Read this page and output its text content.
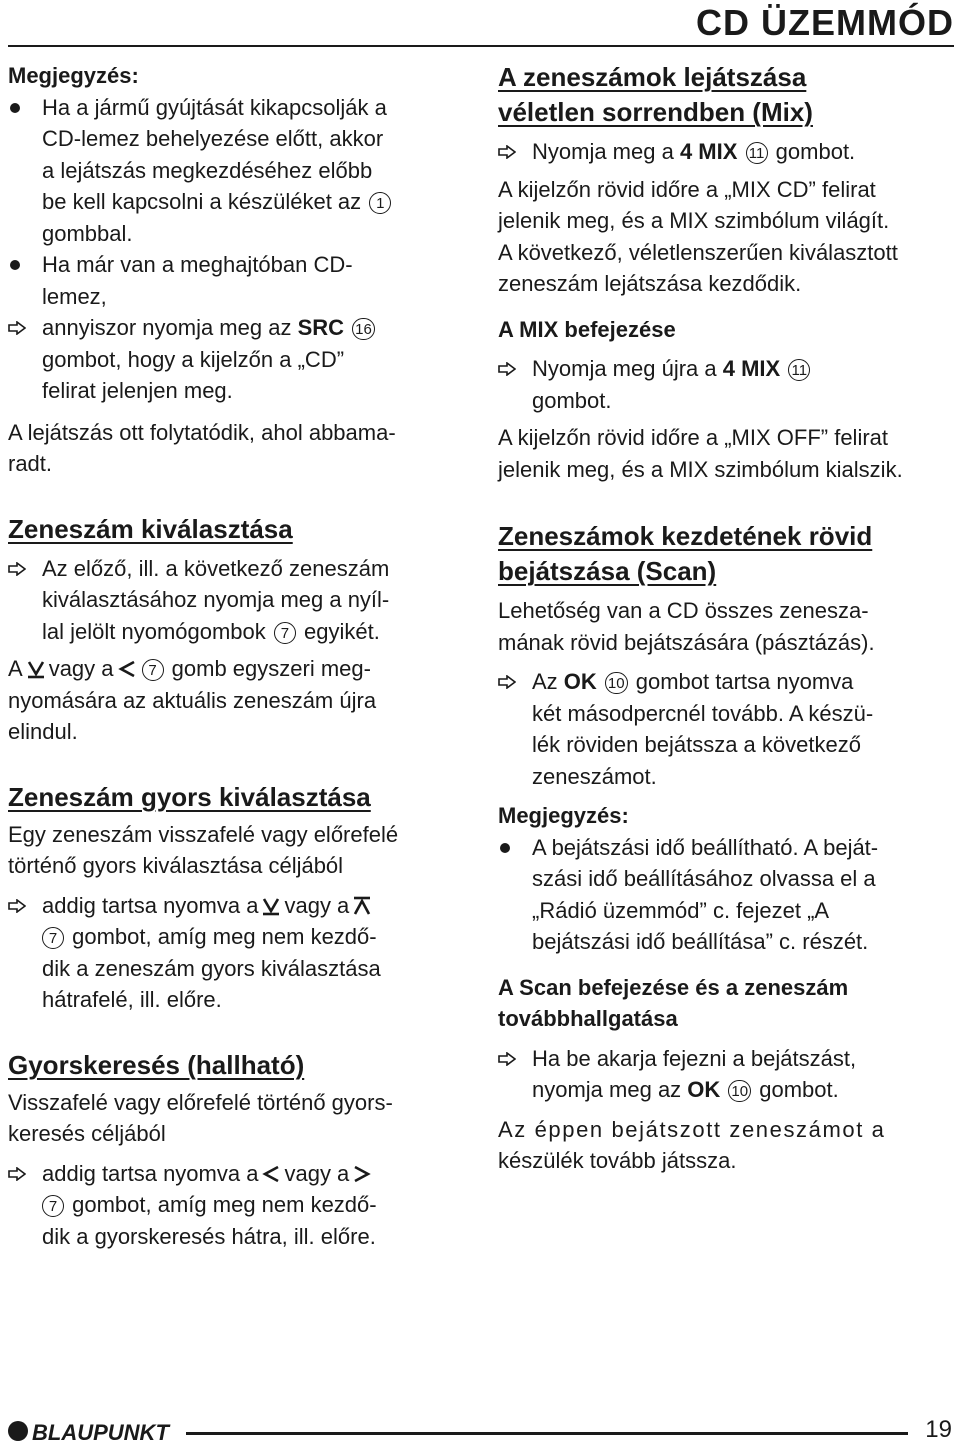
CD ÜZEMMÓD

Megjegyzés:

Ha a jármű gyújtását kikapcsolják a

CD-lemez behelyezése előtt, akkor

a lejátszás megkezdéséhez előbb

be kell kapcsolni a készüléket az 1

gombbal.

Ha már van a meghajtóban CD-

lemez,

annyiszor nyomja meg az SRC 16

gombot, hogy a kijelzőn a „CD”

felirat jelenjen meg.

A lejátszás ott folytatódik, ahol abbama-

radt.

Zeneszám kiválasztása

Az előző, ill. a következő zeneszám

kiválasztásához nyomja meg a nyíl-

lal jelölt nyomógombok 7 egyikét.

A vagy a 7 gomb egyszeri meg-

nyomására az aktuális zeneszám újra

elindul.

Zeneszám gyors kiválasztása

Egy zeneszám visszafelé vagy előrefelé

történő gyors kiválasztása céljából

addig tartsa nyomva a vagy a

7 gombot, amíg meg nem kezdő-

dik a zeneszám gyors kiválasztása

hátrafelé, ill. előre.

Gyorskeresés (hallható)

Visszafelé vagy előrefelé történő gyors-

keresés céljából

addig tartsa nyomva a vagy a

7 gombot, amíg meg nem kezdő-

dik a gyorskeresés hátra, ill. előre.

A zeneszámok lejátszása

véletlen sorrendben (Mix)

Nyomja meg a 4 MIX 11 gombot.

A kijelzőn rövid időre a „MIX CD” felirat

jelenik meg, és a MIX szimbólum világít.

A következő, véletlenszerűen kiválasztott

zeneszám lejátszása kezdődik.

A MIX befejezése

Nyomja meg újra a 4 MIX 11

gombot.

A kijelzőn rövid időre a „MIX OFF” felirat

jelenik meg, és a MIX szimbólum kialszik.

Zeneszámok kezdetének rövid

bejátszása (Scan)

Lehetőség van a CD összes zenesza-

mának rövid bejátszására (pásztázás).

Az OK 10 gombot tartsa nyomva

két másodpercnél tovább. A készü-

lék röviden bejátssza a következő

zeneszámot.

Megjegyzés:

A bejátszási idő beállítható. A beját-

szási idő beállításához olvassa el a

„Rádió üzemmód” c. fejezet „A

bejátszási idő beállítása” c. részét.

A Scan befejezése és a zeneszám

továbbhallgatása

Ha be akarja fejezni a bejátszást,

nyomja meg az OK 10 gombot.

Az éppen bejátszott zeneszámot a

készülék tovább játssza.

BLAUPUNKT	19
